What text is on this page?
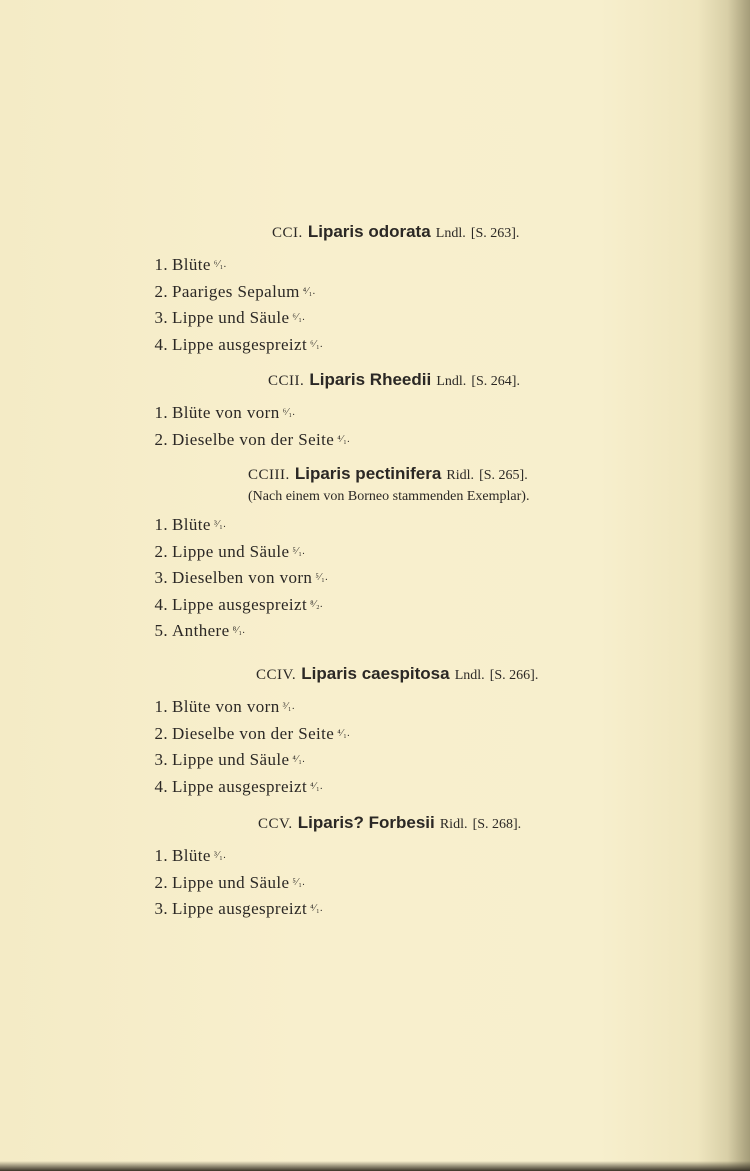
CCI. Liparis odorata Lndl. [S. 263].
1. Blüte ⁶⁄₁.
2. Paariges Sepalum ⁴⁄₁.
3. Lippe und Säule ⁶⁄₁.
4. Lippe ausgespreizt ⁶⁄₁.
CCII. Liparis Rheedii Lndl. [S. 264].
1. Blüte von vorn ⁶⁄₁.
2. Dieselbe von der Seite ⁴⁄₁.
CCIII. Liparis pectinifera Ridl. [S. 265].
(Nach einem von Borneo stammenden Exemplar).
1. Blüte ³⁄₁.
2. Lippe und Säule ⁵⁄₁.
3. Dieselben von vorn ⁵⁄₁.
4. Lippe ausgespreizt ⁸⁄₂.
5. Anthere ⁸⁄₁.
CCIV. Liparis caespitosa Lndl. [S. 266].
1. Blüte von vorn ³⁄₁.
2. Dieselbe von der Seite ⁴⁄₁.
3. Lippe und Säule ⁴⁄₁.
4. Lippe ausgespreizt ⁴⁄₁.
CCV. Liparis? Forbesii Ridl. [S. 268].
1. Blüte ³⁄₁.
2. Lippe und Säule ⁵⁄₁.
3. Lippe ausgespreizt ⁴⁄₁.
